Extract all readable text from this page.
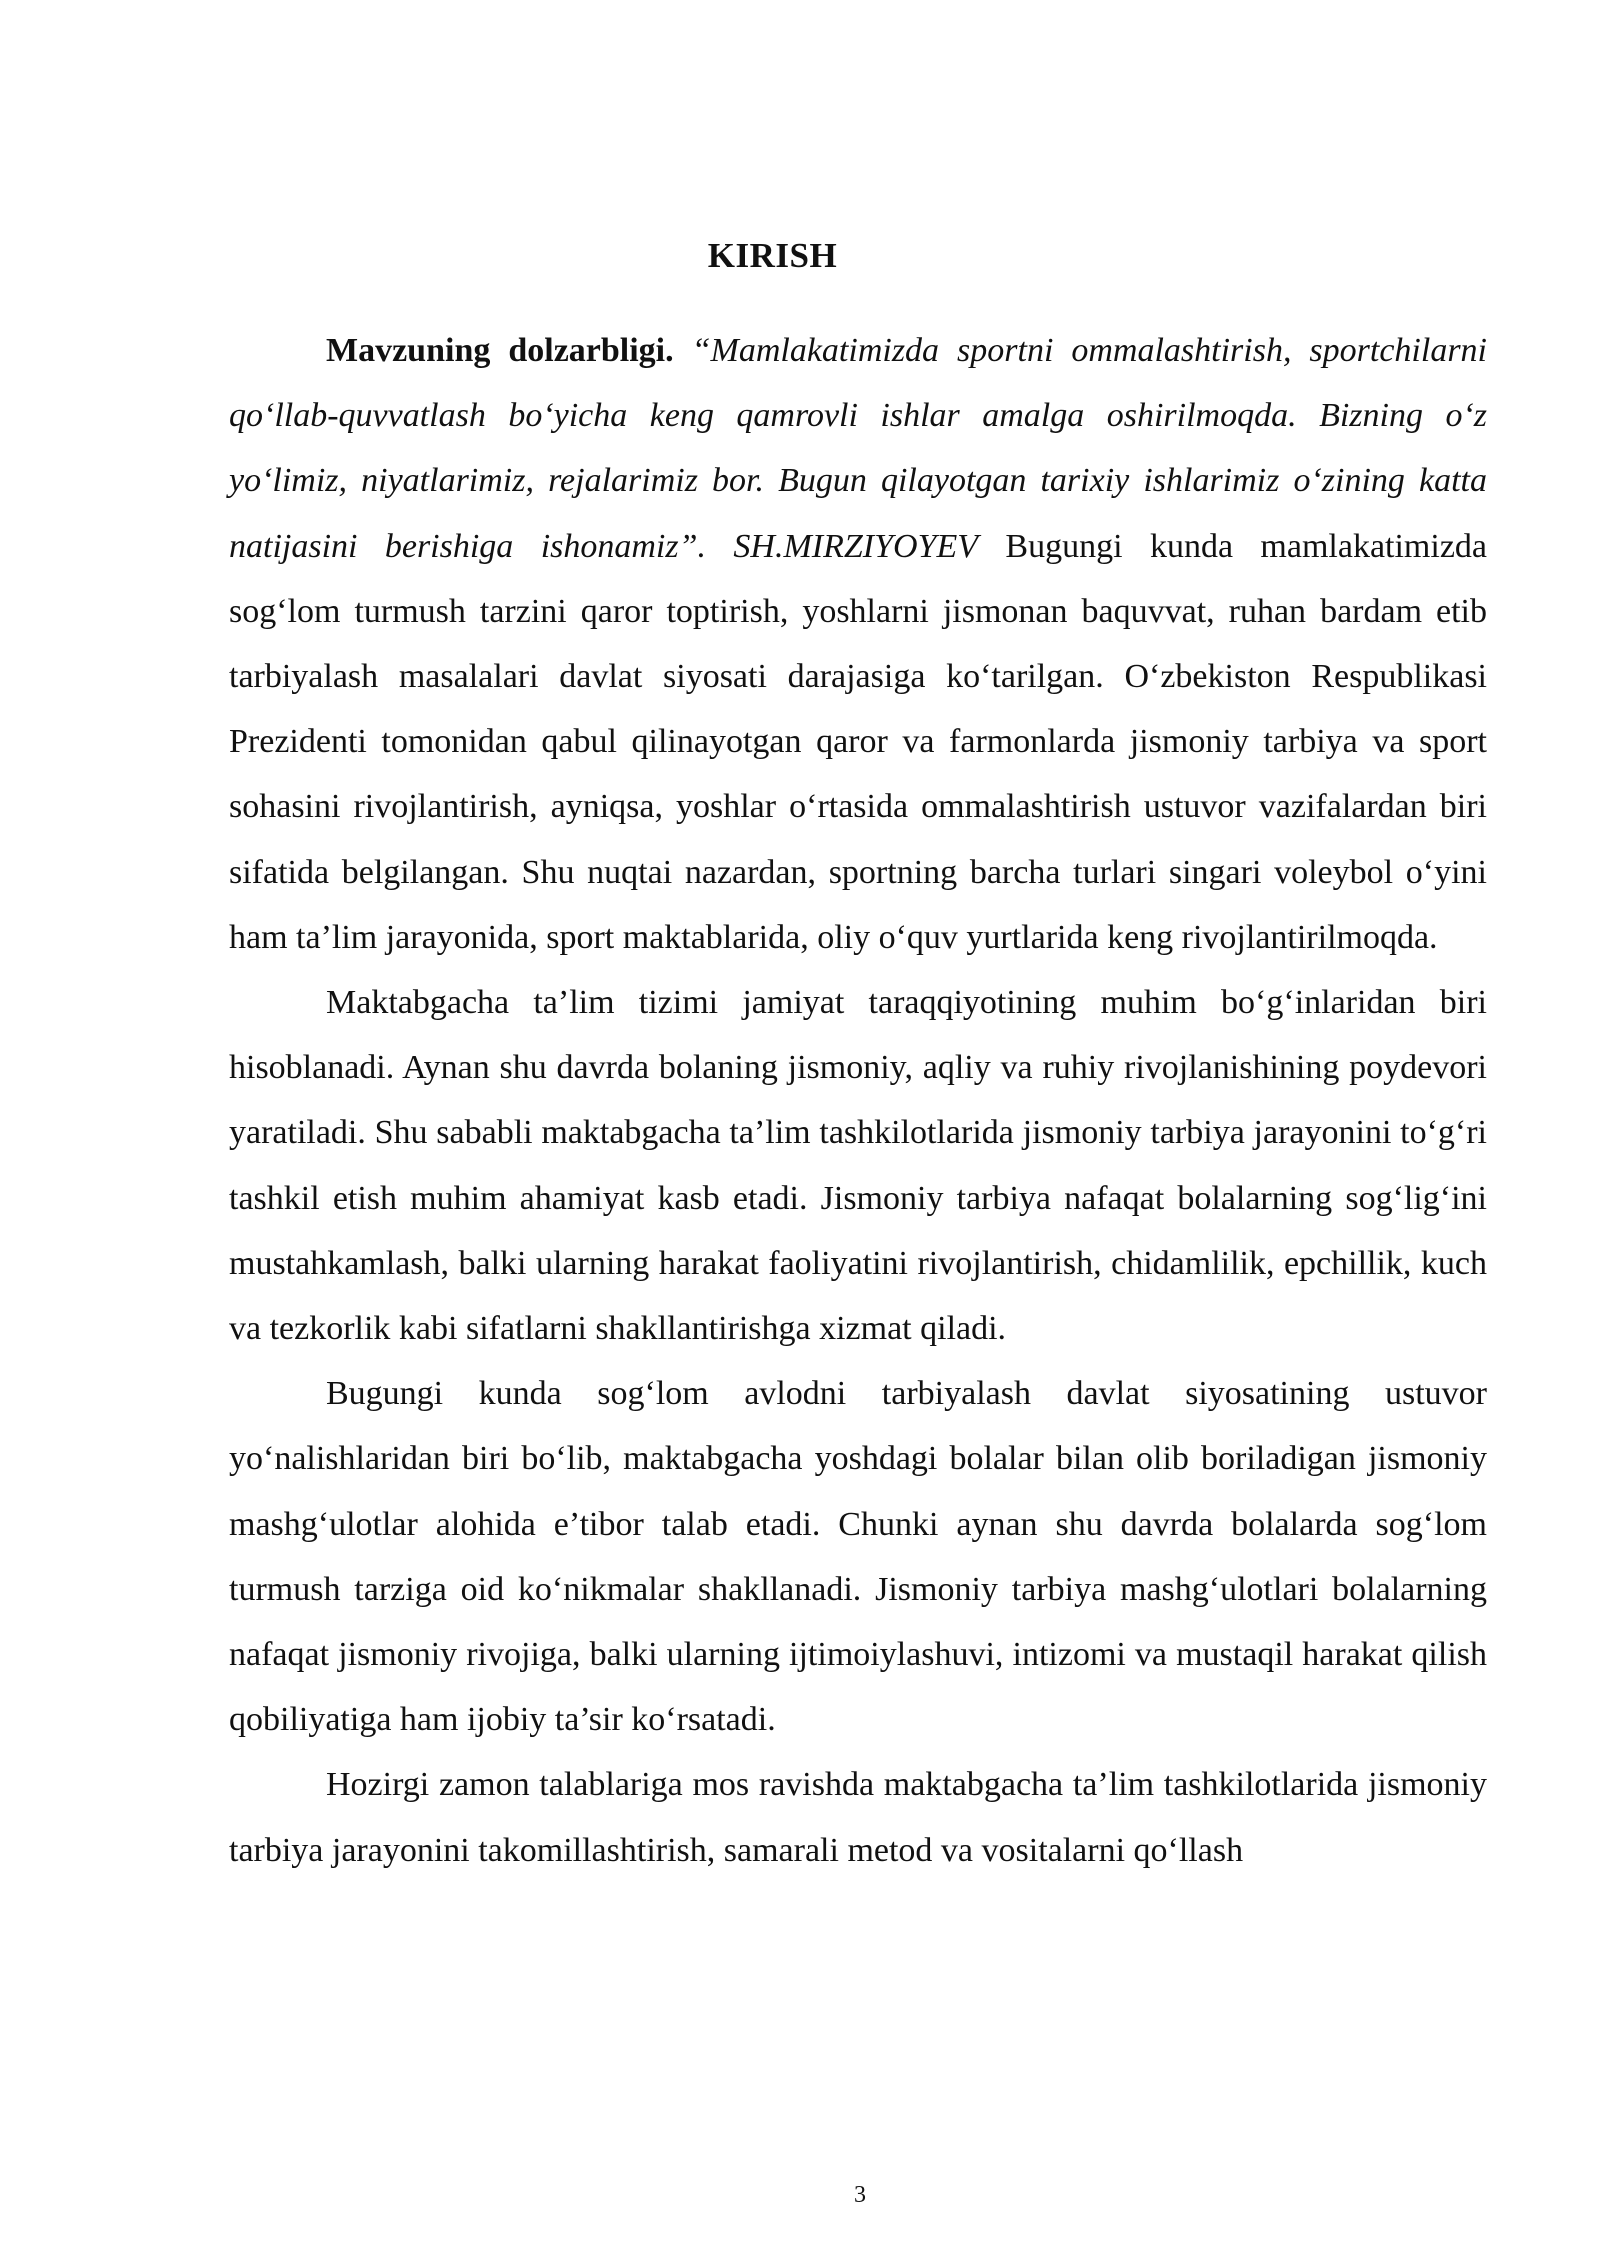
KIRISH

Mavzuning dolzarbligi. “Mamlakatimizda sportni ommalashtirish, sportchilarni qo‘llab-quvvatlash bo‘yicha keng qamrovli ishlar amalga oshirilmoqda. Bizning o‘z yo‘limiz, niyatlarimiz, rejalarimiz bor. Bugun qilayotgan tarixiy ishlarimiz o‘zining katta natijasini berishiga ishonamiz”. SH.MIRZIYOYEV Bugungi kunda mamlakatimizda sog‘lom turmush tarzini qaror toptirish, yoshlarni jismonan baquvvat, ruhan bardam etib tarbiyalash masalalari davlat siyosati darajasiga ko‘tarilgan. O‘zbekiston Respublikasi Prezidenti tomonidan qabul qilinayotgan qaror va farmonlarda jismoniy tarbiya va sport sohasini rivojlantirish, ayniqsa, yoshlar o‘rtasida ommalashtirish ustuvor vazifalardan biri sifatida belgilangan. Shu nuqtai nazardan, sportning barcha turlari singari voleybol o‘yini ham ta’lim jarayonida, sport maktablarida, oliy o‘quv yurtlarida keng rivojlantirilmoqda.

Maktabgacha ta’lim tizimi jamiyat taraqqiyotining muhim bo‘g‘inlaridan biri hisoblanadi. Aynan shu davrda bolaning jismoniy, aqliy va ruhiy rivojlanishining poydevori yaratiladi. Shu sababli maktabgacha ta’lim tashkilotlarida jismoniy tarbiya jarayonini to‘g‘ri tashkil etish muhim ahamiyat kasb etadi. Jismoniy tarbiya nafaqat bolalarning sog‘lig‘ini mustahkamlash, balki ularning harakat faoliyatini rivojlantirish, chidamlilik, epchillik, kuch va tezkorlik kabi sifatlarni shakllantirishga xizmat qiladi.

Bugungi kunda sog‘lom avlodni tarbiyalash davlat siyosatining ustuvor yo‘nalishlaridan biri bo‘lib, maktabgacha yoshdagi bolalar bilan olib boriladigan jismoniy mashg‘ulotlar alohida e’tibor talab etadi. Chunki aynan shu davrda bolalarda sog‘lom turmush tarziga oid ko‘nikmalar shakllanadi. Jismoniy tarbiya mashg‘ulotlari bolalarning nafaqat jismoniy rivojiga, balki ularning ijtimoiylashuvi, intizomi va mustaqil harakat qilish qobiliyatiga ham ijobiy ta’sir ko‘rsatadi.

Hozirgi zamon talablariga mos ravishda maktabgacha ta’lim tashkilotlarida jismoniy tarbiya jarayonini takomillashtirish, samarali metod va vositalarni qo‘llash

3
